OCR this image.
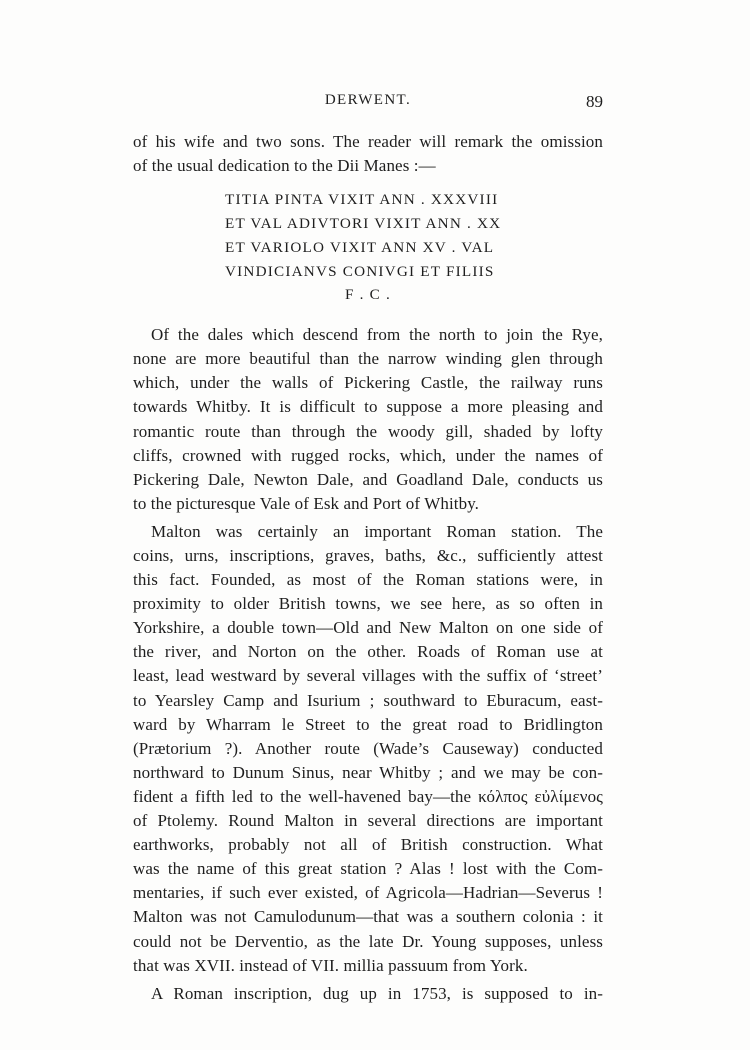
DERWENT.	89
of his wife and two sons. The reader will remark the omission
of the usual dedication to the Dii Manes :—
TITIA PINTA VIXIT ANN . XXXVIII
ET VAL ADIVTORI VIXIT ANN . XX
ET VARIOLO VIXIT ANN XV . VAL
VINDICIANVS CONIVGI ET FILIIS
F . C .
Of the dales which descend from the north to join the Rye,
none are more beautiful than the narrow winding glen through
which, under the walls of Pickering Castle, the railway runs
towards Whitby. It is difficult to suppose a more pleasing and
romantic route than through the woody gill, shaded by lofty
cliffs, crowned with rugged rocks, which, under the names of
Pickering Dale, Newton Dale, and Goadland Dale, conducts us
to the picturesque Vale of Esk and Port of Whitby.
Malton was certainly an important Roman station. The
coins, urns, inscriptions, graves, baths, &c., sufficiently attest
this fact. Founded, as most of the Roman stations were, in
proximity to older British towns, we see here, as so often in
Yorkshire, a double town—Old and New Malton on one side of
the river, and Norton on the other. Roads of Roman use at
least, lead westward by several villages with the suffix of ‘street’
to Yearsley Camp and Isurium ; southward to Eburacum, east-
ward by Wharram le Street to the great road to Bridlington
(Prætorium ?). Another route (Wade’s Causeway) conducted
northward to Dunum Sinus, near Whitby ; and we may be con-
fident a fifth led to the well-havened bay—the κόλπος εὐλίμενος
of Ptolemy. Round Malton in several directions are important
earthworks, probably not all of British construction. What
was the name of this great station ? Alas ! lost with the Com-
mentaries, if such ever existed, of Agricola—Hadrian—Severus !
Malton was not Camulodunum—that was a southern colonia : it
could not be Derventio, as the late Dr. Young supposes, unless
that was XVII. instead of VII. millia passuum from York.
A Roman inscription, dug up in 1753, is supposed to in-
